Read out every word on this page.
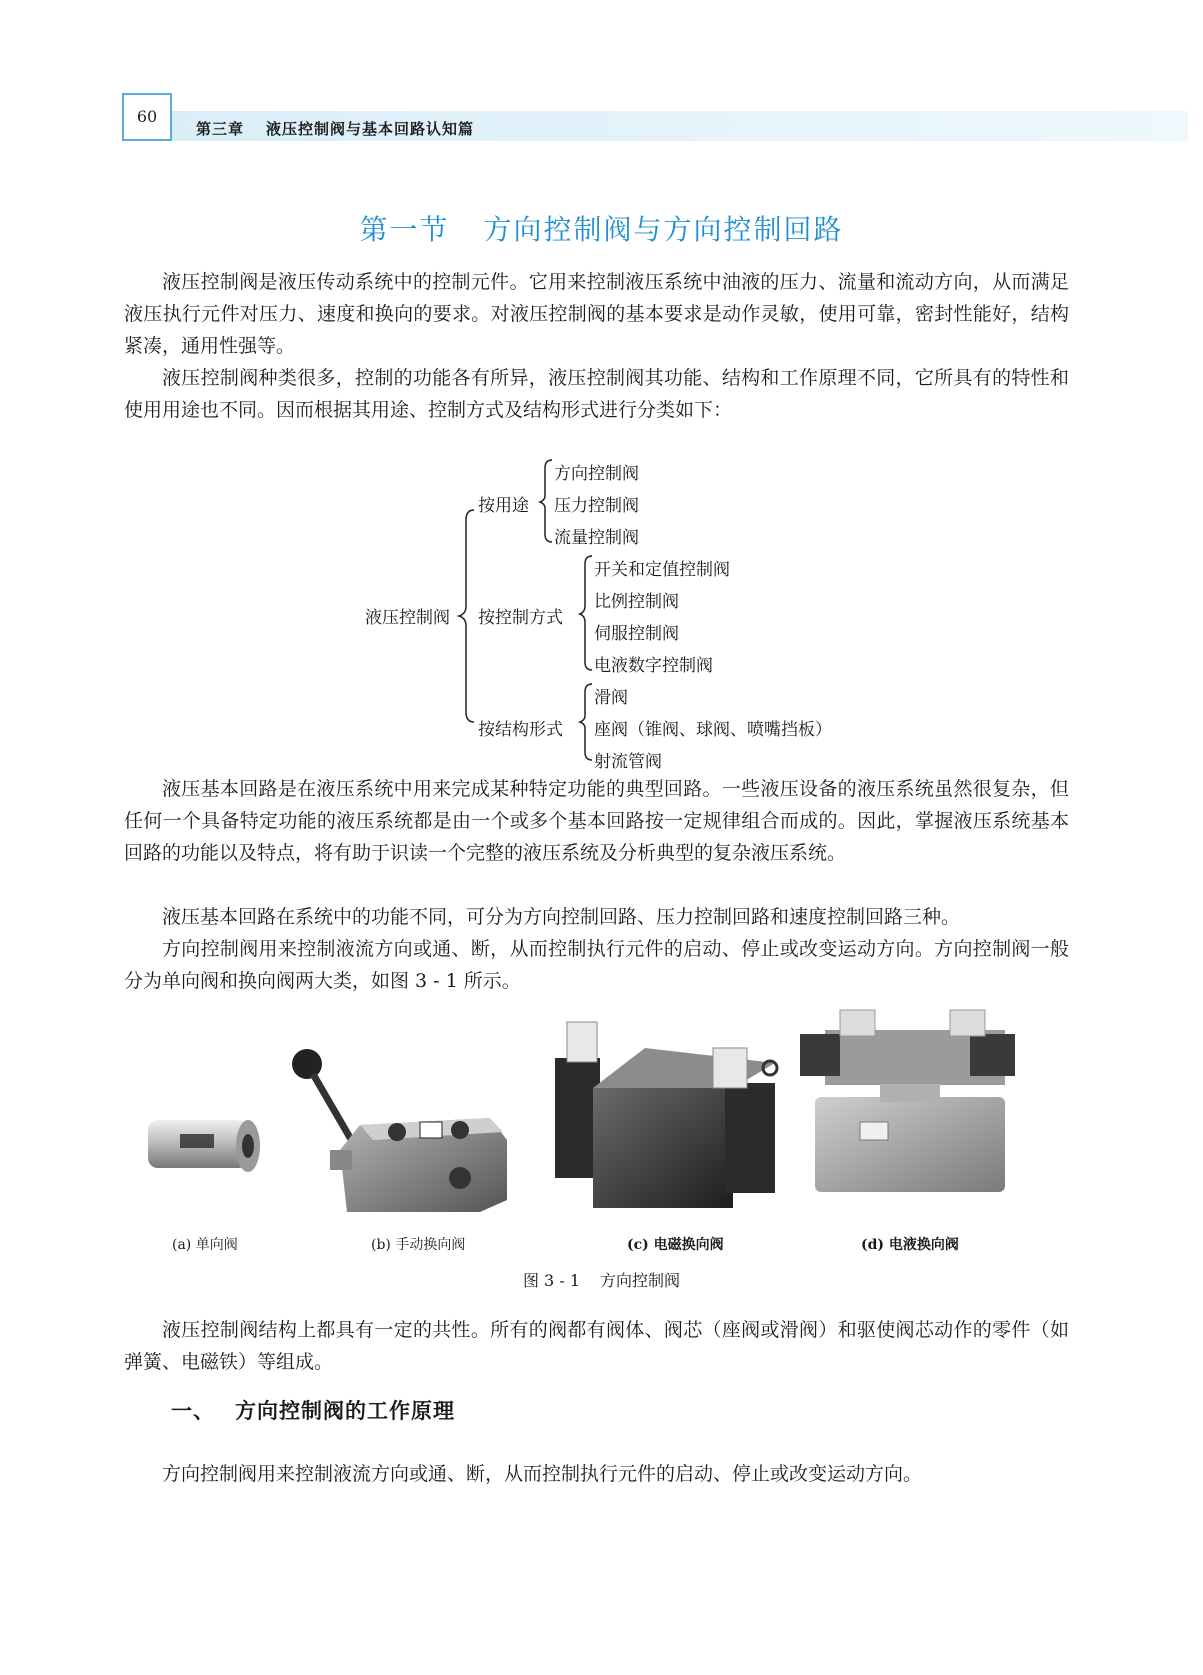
60
第三章 液压控制阀与基本回路认知篇
第一节 方向控制阀与方向控制回路

液压控制阀是液压传动系统中的控制元件。它用来控制液压系统中油液的压力、流量和流动方向，从而满足液压执行元件对压力、速度和换向的要求。对液压控制阀的基本要求是动作灵敏，使用可靠，密封性能好，结构紧凑，通用性强等。

液压控制阀种类很多，控制的功能各有所异，液压控制阀其功能、结构和工作原理不同，它所具有的特性和使用用途也不同。因而根据其用途、控制方式及结构形式进行分类如下：

液压控制阀
按用途
方向控制阀
压力控制阀
流量控制阀
按控制方式
开关和定值控制阀
比例控制阀
伺服控制阀
电液数字控制阀
按结构形式
滑阀
座阀（锥阀、球阀、喷嘴挡板）
射流管阀

液压基本回路是在液压系统中用来完成某种特定功能的典型回路。一些液压设备的液压系统虽然很复杂，但任何一个具备特定功能的液压系统都是由一个或多个基本回路按一定规律组合而成的。因此，掌握液压系统基本回路的功能以及特点，将有助于识读一个完整的液压系统及分析典型的复杂液压系统。

液压基本回路在系统中的功能不同，可分为方向控制回路、压力控制回路和速度控制回路三种。

方向控制阀用来控制液流方向或通、断，从而控制执行元件的启动、停止或改变运动方向。方向控制阀一般分为单向阀和换向阀两大类，如图 3 - 1 所示。

(a) 单向阀	(b) 手动换向阀	(c) 电磁换向阀	(d) 电液换向阀
图 3 - 1 方向控制阀

液压控制阀结构上都具有一定的共性。所有的阀都有阀体、阀芯（座阀或滑阀）和驱使阀芯动作的零件（如弹簧、电磁铁）等组成。

一、 方向控制阀的工作原理

方向控制阀用来控制液流方向或通、断，从而控制执行元件的启动、停止或改变运动方向。
